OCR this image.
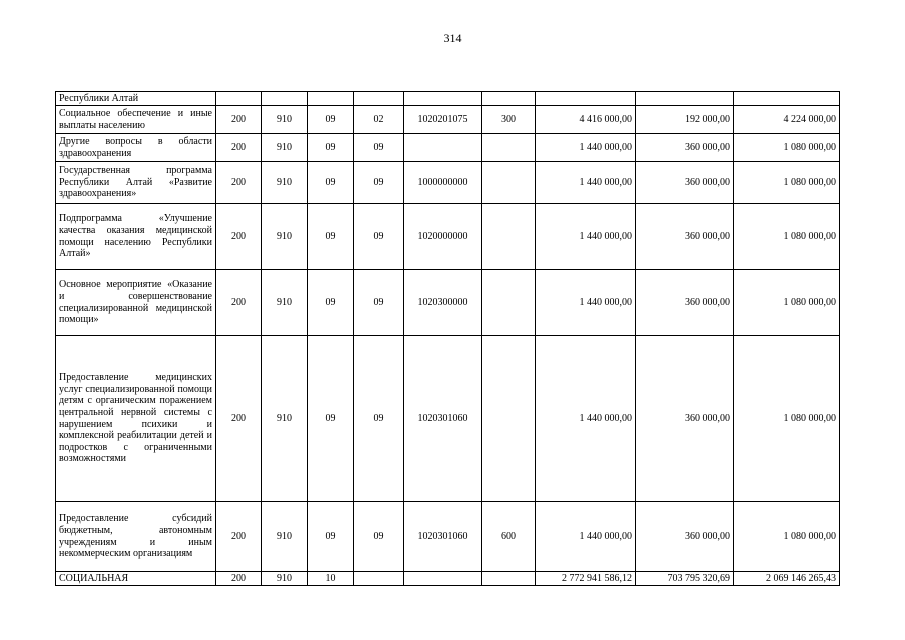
314
Республики Алтай									
Социальное обеспечение и иные выплаты населению	200	910	09	02	1020201075	300	4 416 000,00	192 000,00	4 224 000,00
Другие вопросы в области здравоохранения	200	910	09	09			1 440 000,00	360 000,00	1 080 000,00
Государственная программа Республики Алтай «Развитие здравоохранения»	200	910	09	09	1000000000		1 440 000,00	360 000,00	1 080 000,00
Подпрограмма «Улучшение качества оказания медицинской помощи населению Республики Алтай»	200	910	09	09	1020000000		1 440 000,00	360 000,00	1 080 000,00
Основное мероприятие «Оказание и совершенствование специализированной медицинской помощи»	200	910	09	09	1020300000		1 440 000,00	360 000,00	1 080 000,00
Предоставление медицинских услуг специализированной помощи детям с органическим поражением центральной нервной системы с нарушением психики и комплексной реабилитации детей и подростков с ограниченными возможностями	200	910	09	09	1020301060		1 440 000,00	360 000,00	1 080 000,00
Предоставление субсидий бюджетным, автономным учреждениям и иным некоммерческим организациям	200	910	09	09	1020301060	600	1 440 000,00	360 000,00	1 080 000,00
СОЦИАЛЬНАЯ	200	910	10				2 772 941 586,12	703 795 320,69	2 069 146 265,43
